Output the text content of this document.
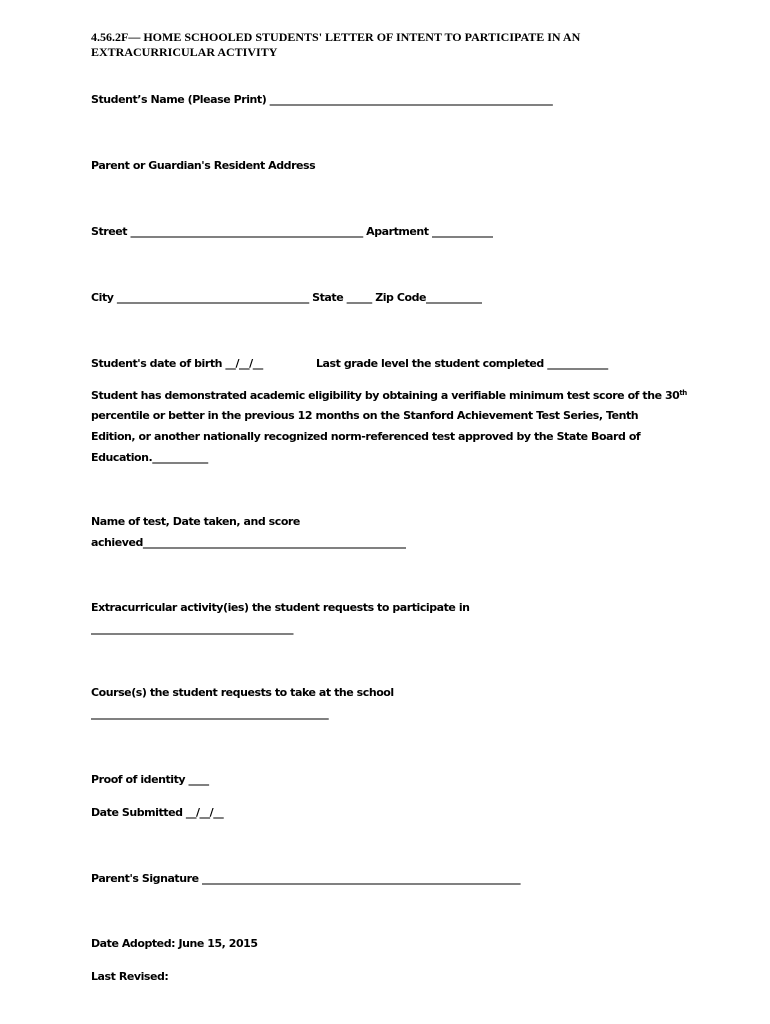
4.56.2F— HOME SCHOOLED STUDENTS' LETTER OF INTENT TO PARTICIPATE IN AN
EXTRACURRICULAR ACTIVITY
Student’s Name (Please Print) ________________________________________________________
Parent or Guardian's Resident Address
Street ______________________________________________ Apartment ____________
City ______________________________________ State _____ Zip Code___________
Student's date of birth __/__/__	Last grade level the student completed ____________
Student has demonstrated academic eligibility by obtaining a verifiable minimum test score of the 30th
percentile or better in the previous 12 months on the Stanford Achievement Test Series, Tenth
Edition, or another nationally recognized norm-referenced test approved by the State Board of
Education.___________
Name of test, Date taken, and score
achieved____________________________________________________
Extracurricular activity(ies) the student requests to participate in
________________________________________
Course(s) the student requests to take at the school
_______________________________________________
Proof of identity ____
Date Submitted __/__/__
Parent's Signature _______________________________________________________________
Date Adopted: June 15, 2015
Last Revised:
